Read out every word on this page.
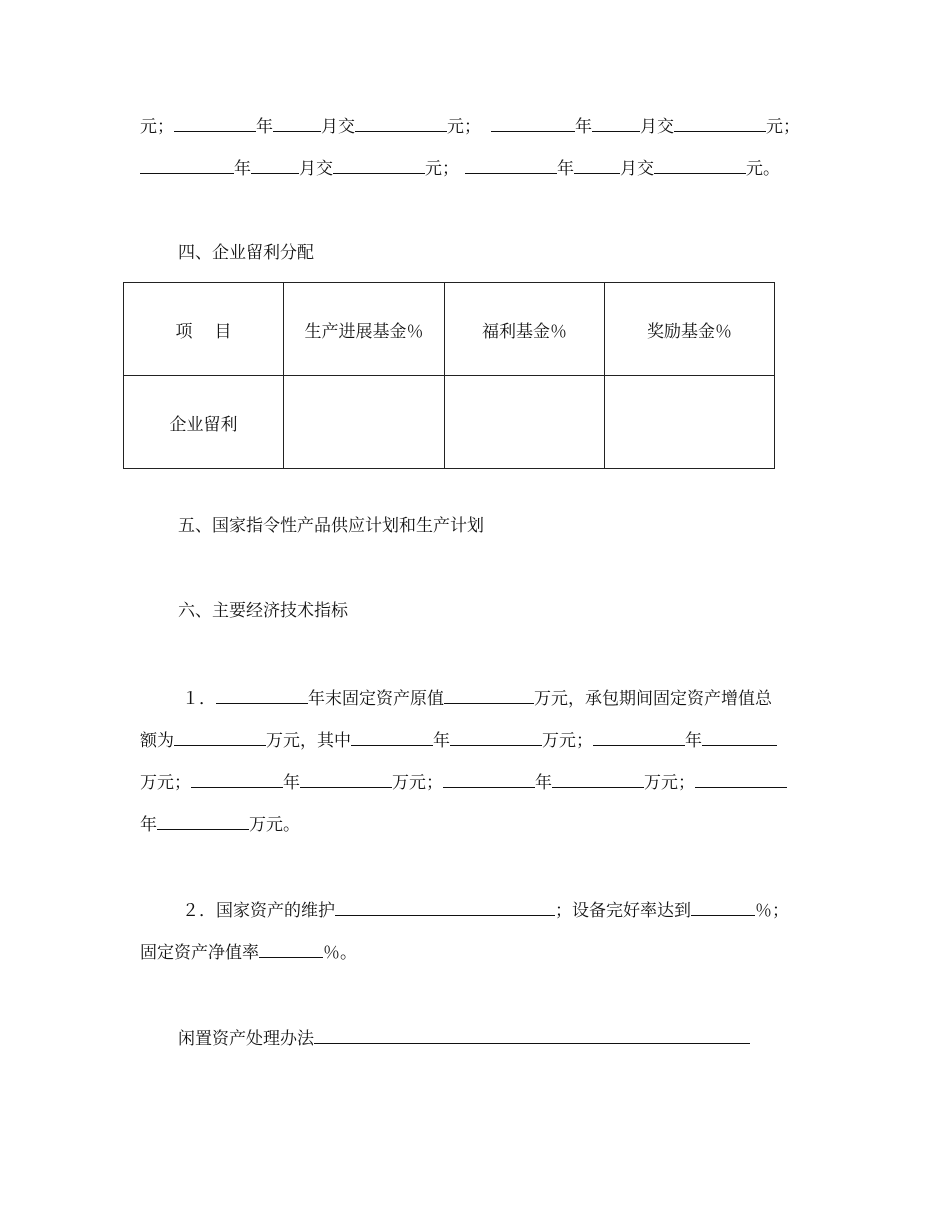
元；	年	月交	元；	年	月交	元；
年	月交	元；	年	月交	元。
四、企业留利分配
项 目	生产进展基金％	福利基金％	奖励基金％
企业留利			
五、国家指令性产品供应计划和生产计划
六、主要经济技术指标
１．	年末固定资产原值	万元，承包期间固定资产增值总
额为	万元，其中	年	万元；	年
万元；	年	万元；	年	万元；
年	万元。
２．国家资产的维护	；设备完好率达到	％；
固定资产净值率	％。
闲置资产处理办法
